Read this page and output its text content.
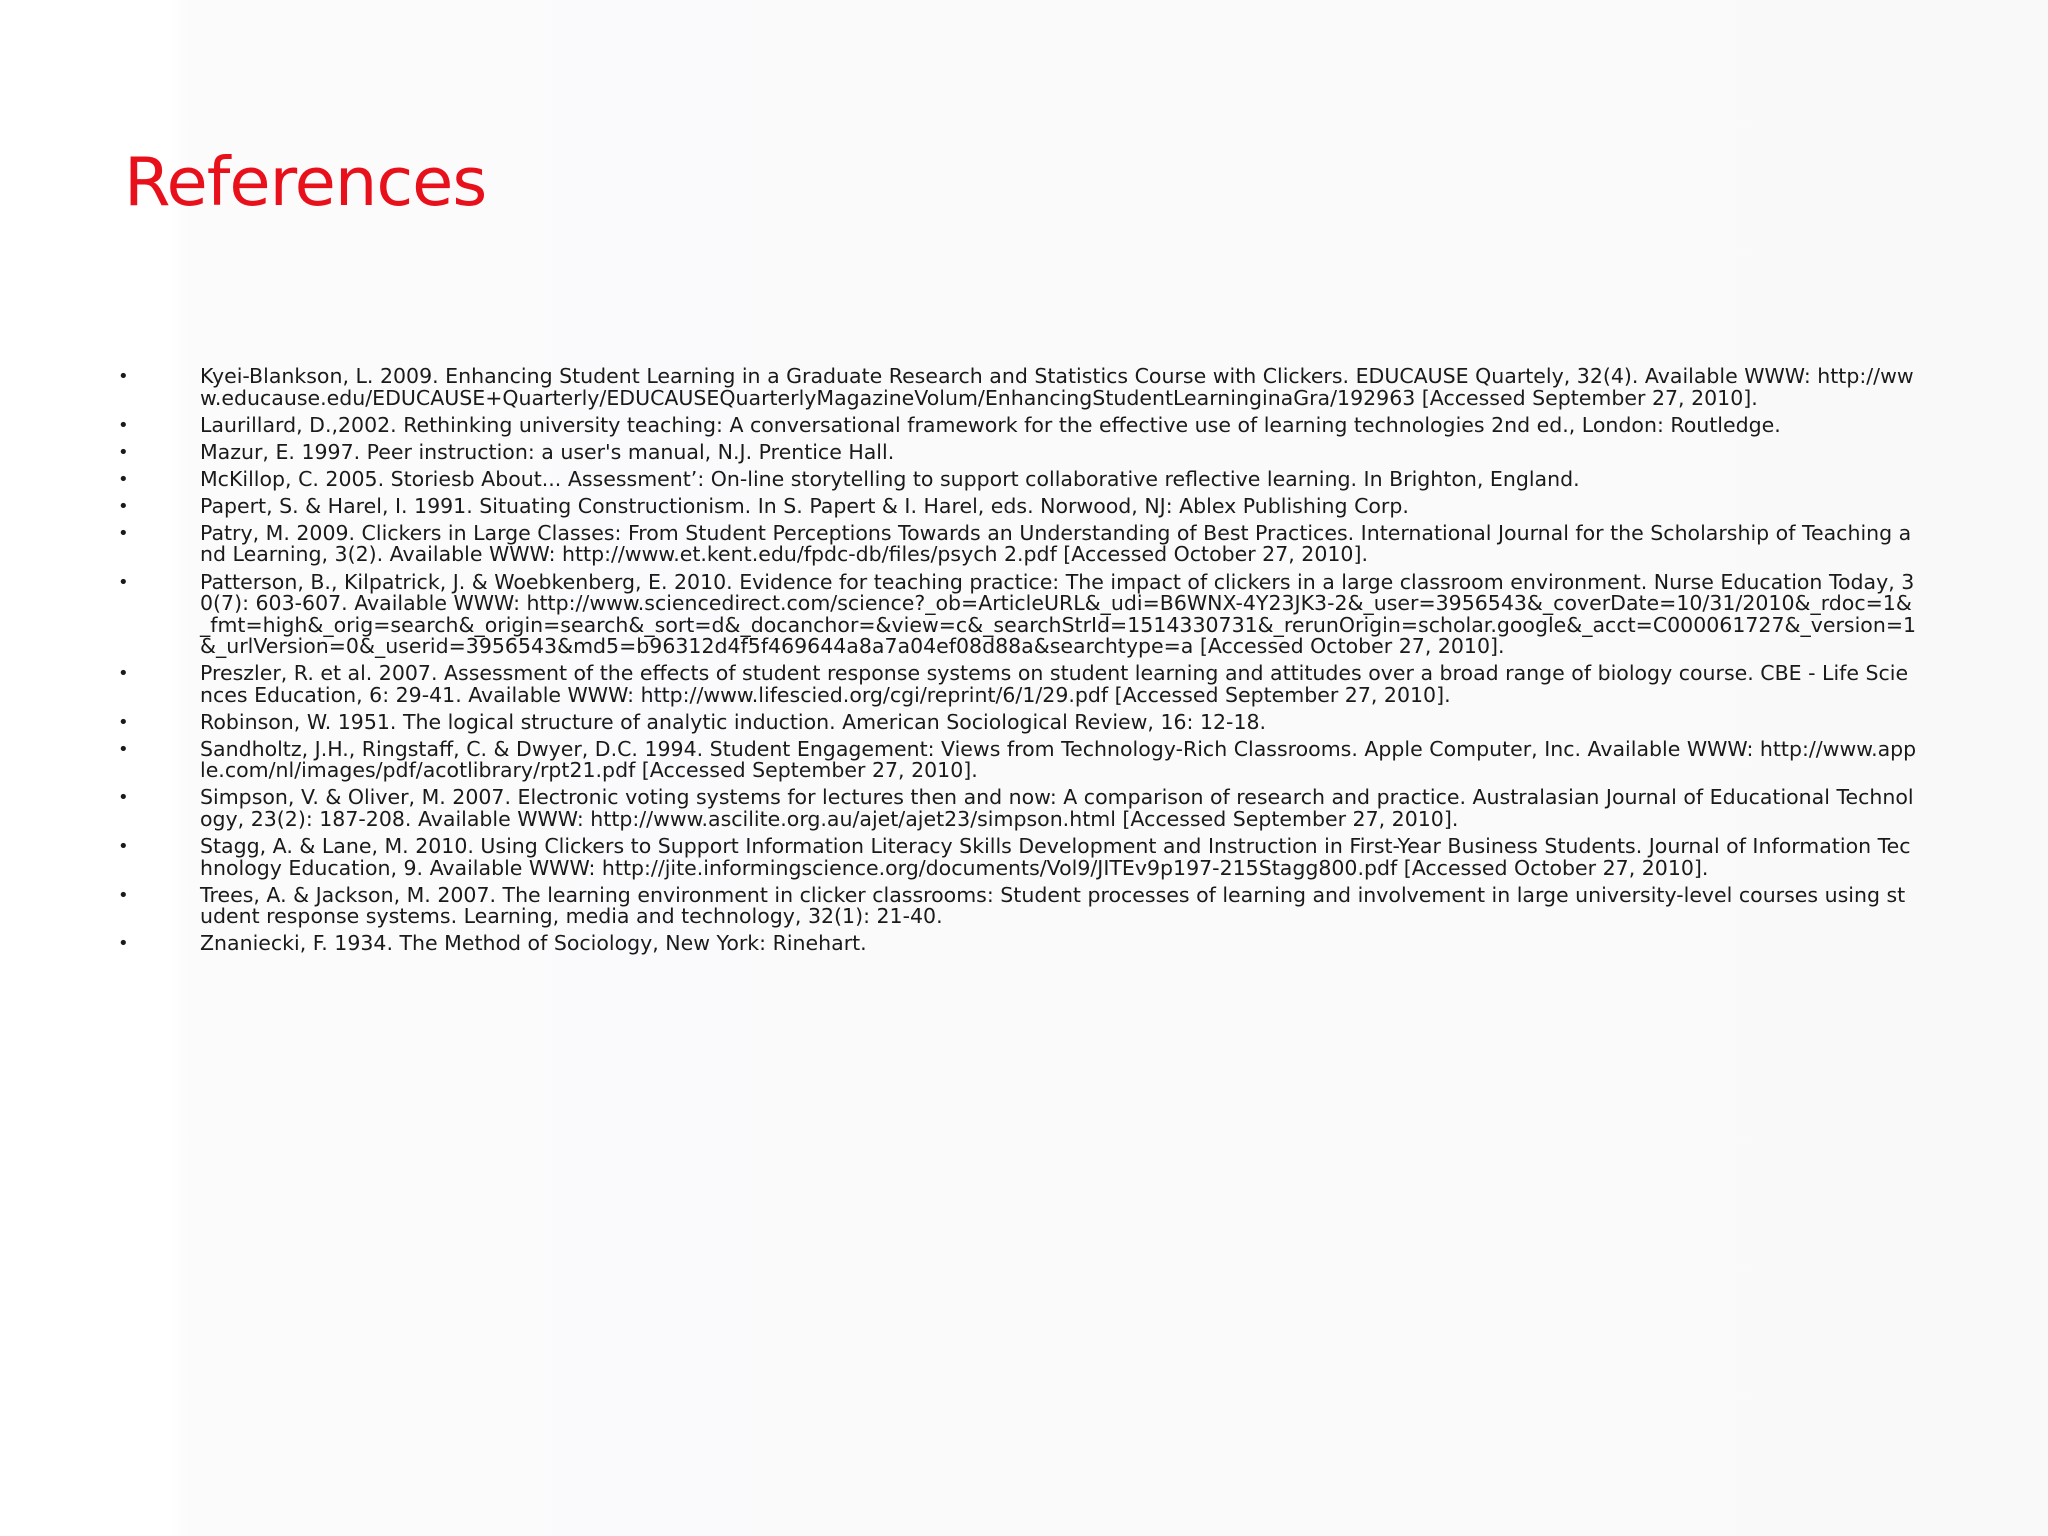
References
•	Kyei-Blankson, L. 2009. Enhancing Student Learning in a Graduate Research and Statistics Course with Clickers. EDUCAUSE Quartely, 32(4). Available WWW: http://www.educause.edu/EDUCAUSE+Quarterly/EDUCAUSEQuarterlyMagazineVolum/EnhancingStudentLearninginaGra/192963 [Accessed September 27, 2010].
•	Laurillard, D.,2002. Rethinking university teaching: A conversational framework for the effective use of learning technologies 2nd ed., London: Routledge.
•	Mazur, E. 1997. Peer instruction: a user's manual, N.J. Prentice Hall.
•	McKillop, C. 2005. Storiesb About... Assessment’: On-line storytelling to support collaborative reflective learning. In Brighton, England.
•	Papert, S. & Harel, I. 1991. Situating Constructionism. In S. Papert & I. Harel, eds. Norwood, NJ: Ablex Publishing Corp.
•	Patry, M. 2009. Clickers in Large Classes: From Student Perceptions Towards an Understanding of Best Practices. International Journal for the Scholarship of Teaching and Learning, 3(2). Available WWW: http://www.et.kent.edu/fpdc-db/files/psych 2.pdf [Accessed October 27, 2010].
•	Patterson, B., Kilpatrick, J. & Woebkenberg, E. 2010. Evidence for teaching practice: The impact of clickers in a large classroom environment. Nurse Education Today, 30(7): 603-607. Available WWW: http://www.sciencedirect.com/science?_ob=ArticleURL&_udi=B6WNX-4Y23JK3-2&_user=3956543&_coverDate=10/31/2010&_rdoc=1&_fmt=high&_orig=search&_origin=search&_sort=d&_docanchor=&view=c&_searchStrId=1514330731&_rerunOrigin=scholar.google&_acct=C000061727&_version=1&_urlVersion=0&_userid=3956543&md5=b96312d4f5f469644a8a7a04ef08d88a&searchtype=a [Accessed October 27, 2010].
•	Preszler, R. et al. 2007. Assessment of the effects of student response systems on student learning and attitudes over a broad range of biology course. CBE - Life Sciences Education, 6: 29-41. Available WWW: http://www.lifescied.org/cgi/reprint/6/1/29.pdf [Accessed September 27, 2010].
•	Robinson, W. 1951. The logical structure of analytic induction. American Sociological Review, 16: 12-18.
•	Sandholtz, J.H., Ringstaff, C. & Dwyer, D.C. 1994. Student Engagement: Views from Technology-Rich Classrooms. Apple Computer, Inc. Available WWW: http://www.apple.com/nl/images/pdf/acotlibrary/rpt21.pdf [Accessed September 27, 2010].
•	Simpson, V. & Oliver, M. 2007. Electronic voting systems for lectures then and now: A comparison of research and practice. Australasian Journal of Educational Technology, 23(2): 187-208. Available WWW: http://www.ascilite.org.au/ajet/ajet23/simpson.html [Accessed September 27, 2010].
•	Stagg, A. & Lane, M. 2010. Using Clickers to Support Information Literacy Skills Development and Instruction in First-Year Business Students. Journal of Information Technology Education, 9. Available WWW: http://jite.informingscience.org/documents/Vol9/JITEv9p197-215Stagg800.pdf [Accessed October 27, 2010].
•	Trees, A. & Jackson, M. 2007. The learning environment in clicker classrooms: Student processes of learning and involvement in large university-level courses using student response systems. Learning, media and technology, 32(1): 21-40.
•	Znaniecki, F. 1934. The Method of Sociology, New York: Rinehart.
